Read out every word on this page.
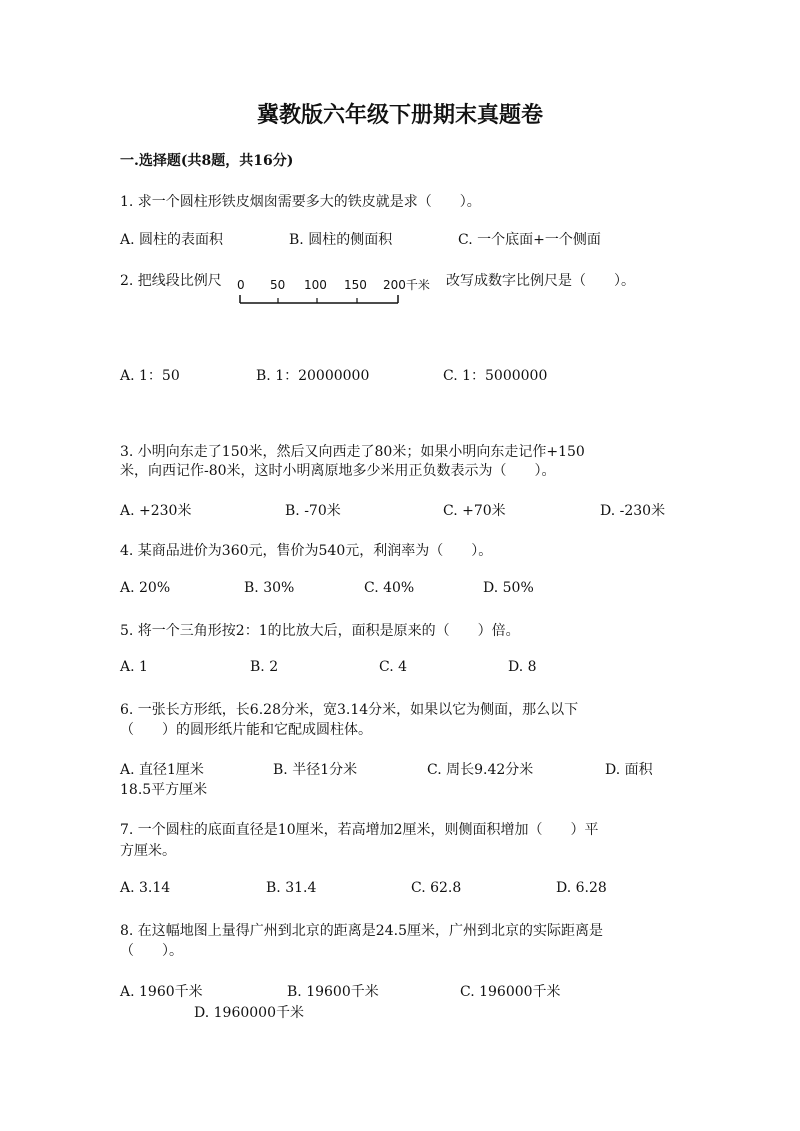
冀教版六年级下册期末真题卷
一.选择题(共8题，共16分)
1. 求一个圆柱形铁皮烟囱需要多大的铁皮就是求（　　）。
A. 圆柱的表面积	B. 圆柱的侧面积	C. 一个底面+一个侧面
2. 把线段比例尺 0 50 100 150 200千米 改写成数字比例尺是（　　）。
A. 1：50	B. 1：20000000	C. 1：5000000
3. 小明向东走了150米，然后又向西走了80米；如果小明向东走记作+150
米，向西记作-80米，这时小明离原地多少米用正负数表示为（　　）。
A. +230米	B. -70米	C. +70米	D. -230米
4. 某商品进价为360元，售价为540元，利润率为（　　）。
A. 20%	B. 30%	C. 40%	D. 50%
5. 将一个三角形按2：1的比放大后，面积是原来的（　　）倍。
A. 1	B. 2	C. 4	D. 8
6. 一张长方形纸，长6.28分米，宽3.14分米，如果以它为侧面，那么以下
（　　）的圆形纸片能和它配成圆柱体。
A. 直径1厘米	B. 半径1分米	C. 周长9.42分米	D. 面积
18.5平方厘米
7. 一个圆柱的底面直径是10厘米，若高增加2厘米，则侧面积增加（　　）平
方厘米。
A. 3.14	B. 31.4	C. 62.8	D. 6.28
8. 在这幅地图上量得广州到北京的距离是24.5厘米，广州到北京的实际距离是
（　　）。
A. 1960千米	B. 19600千米	C. 196000千米
D. 1960000千米
